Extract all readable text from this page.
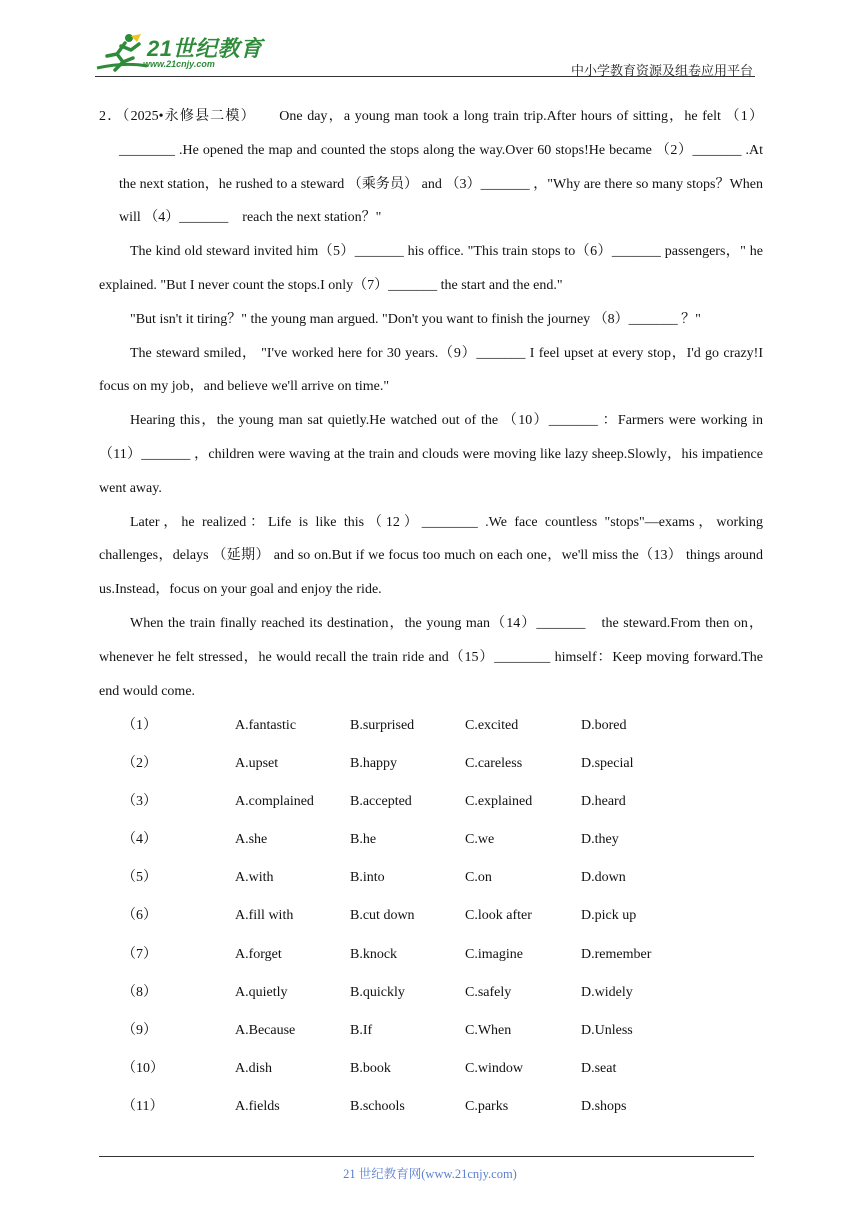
21世纪教育
www.21cnjy.com	中小学教育资源及组卷应用平台

2．（2025•永修县二模）　　One day，a young man took a long train trip.After hours of sitting，he felt （1）________ .He opened the map and counted the stops along the way.Over 60 stops!He became （2）_______ .At the next station，he rushed to a steward （乘务员） and （3）_______ ，"Why are there so many stops？When will （4）_______　reach the next station？"

The kind old steward invited him（5）_______ his office. "This train stops to（6）_______ passengers，" he explained. "But I never count the stops.I only（7）_______ the start and the end."

"But isn't it tiring？" the young man argued. "Don't you want to finish the journey （8）_______ ？"

The steward smiled， "I've worked here for 30 years.（9）_______ I feel upset at every stop，I'd go crazy!I focus on my job，and believe we'll arrive on time."

Hearing this，the young man sat quietly.He watched out of the （10）_______ ：Farmers were working in （11）_______ ，children were waving at the train and clouds were moving like lazy sheep.Slowly，his impatience went away.

Later，he realized：Life is like this（12）________ .We face countless "stops"—exams，working challenges，delays （延期） and so on.But if we focus too much on each one，we'll miss the（13） things around us.Instead，focus on your goal and enjoy the ride.

When the train finally reached its destination，the young man（14）_______　the steward.From then on，whenever he felt stressed，he would recall the train ride and（15）________ himself：Keep moving forward.The end would come.

（1）	A.fantastic	B.surprised	C.excited	D.bored
（2）	A.upset	B.happy	C.careless	D.special
（3）	A.complained	B.accepted	C.explained	D.heard
（4）	A.she	B.he	C.we	D.they
（5）	A.with	B.into	C.on	D.down
（6）	A.fill with	B.cut down	C.look after	D.pick up
（7）	A.forget	B.knock	C.imagine	D.remember
（8）	A.quietly	B.quickly	C.safely	D.widely
（9）	A.Because	B.If	C.When	D.Unless
（10）	A.dish	B.book	C.window	D.seat
（11）	A.fields	B.schools	C.parks	D.shops
21 世纪教育网(www.21cnjy.com)
